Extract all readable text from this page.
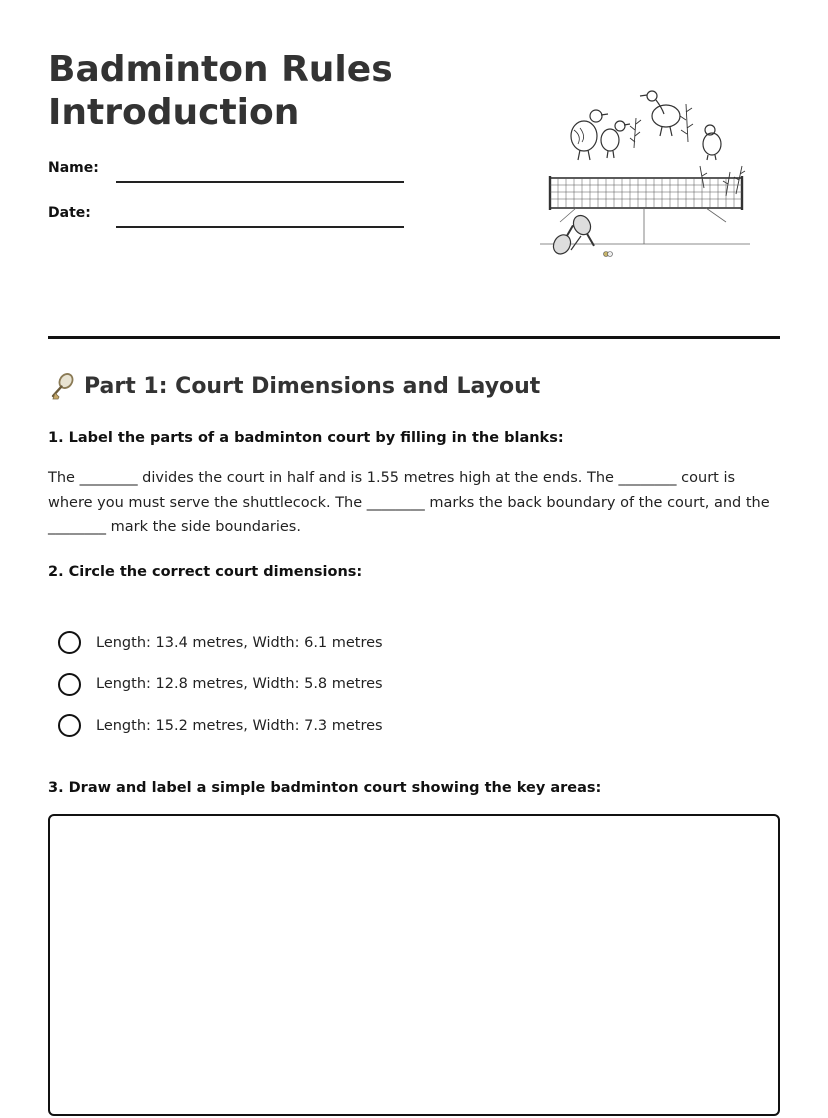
Badminton Rules
Introduction
Name:
Date:
Part 1: Court Dimensions and Layout

1. Label the parts of a badminton court by filling in the blanks:

The ________ divides the court in half and is 1.55 metres high at the ends. The ________ court is where you must serve the shuttlecock. The ________ marks the back boundary of the court, and the ________ mark the side boundaries.

2. Circle the correct court dimensions:

Length: 13.4 metres, Width: 6.1 metres
Length: 12.8 metres, Width: 5.8 metres
Length: 15.2 metres, Width: 7.3 metres

3. Draw and label a simple badminton court showing the key areas:
